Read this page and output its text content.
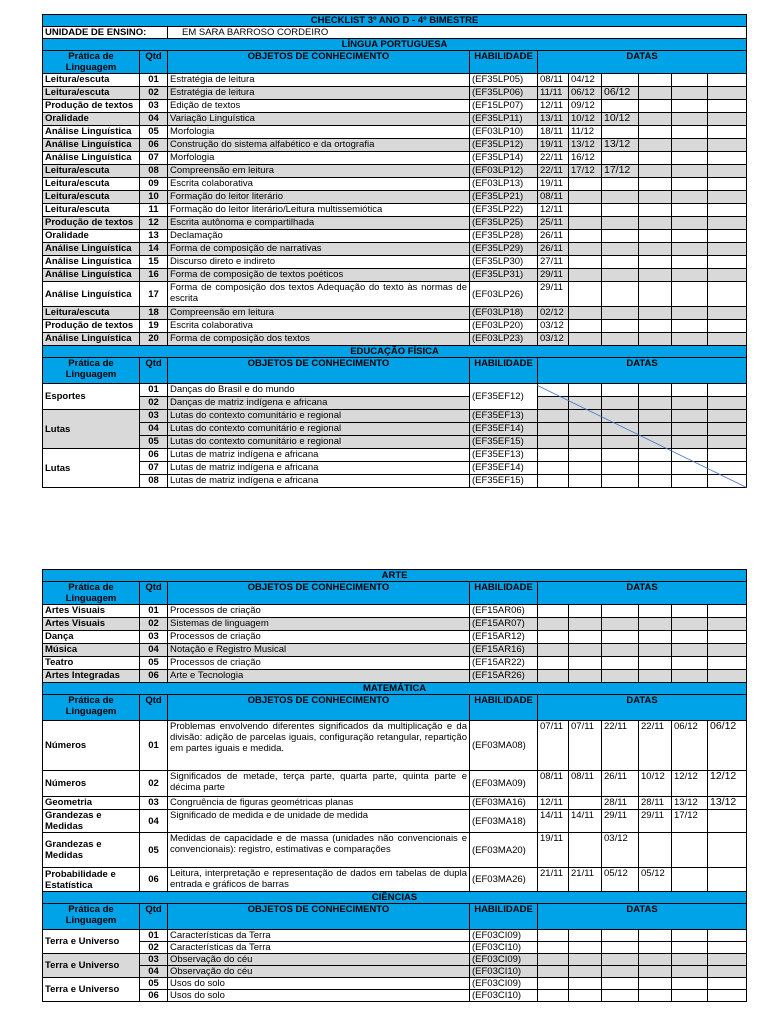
CHECKLIST 3º ANO D - 4º BIMESTRE									
UNIDADE DE ENSINO:		EM SARA BARROSO CORDEIRO							
LÍNGUA PORTUGUESA									
Prática de Linguagem	Qtd	OBJETOS DE CONHECIMENTO	HABILIDADE	DATAS					
Leitura/escuta	01	Estratégia de leitura	(EF35LP05)	08/11	04/12				
Leitura/escuta	02	Estratégia de leitura	(EF35LP06)	11/11	06/12	06/12			
Produção de textos	03	Edição de textos	(EF15LP07)	12/11	09/12				
Oralidade	04	Variação Linguística	(EF35LP11)	13/11	10/12	10/12			
Análise Linguística	05	Morfologia	(EF03LP10)	18/11	11/12				
Análise Linguística	06	Construção do sistema alfabético e da ortografia	(EF35LP12)	19/11	13/12	13/12			
Análise Linguística	07	Morfologia	(EF35LP14)	22/11	16/12				
Leitura/escuta	08	Compreensão em leitura	(EF03LP12)	22/11	17/12	17/12			
Leitura/escuta	09	Escrita colaborativa	(EF03LP13)	19/11					
Leitura/escuta	10	Formação do leitor literário	(EF35LP21)	08/11					
Leitura/escuta	11	Formação do leitor literário/Leitura multissemiótica	(EF35LP22)	12/11					
Produção de textos	12	Escrita autônoma e compartilhada	(EF35LP25)	25/11					
Oralidade	13	Declamação	(EF35LP28)	26/11					
Análise Linguística	14	Forma de composição de narrativas	(EF35LP29)	26/11					
Análise Linguística	15	Discurso direto e indireto	(EF35LP30)	27/11					
Análise Linguística	16	Forma de composição de textos poéticos	(EF35LP31)	29/11					
Análise Linguística	17	Forma de composição dos textos Adequação do texto às normas de escrita	(EF03LP26)	29/11					
Leitura/escuta	18	Compreensão em leitura	(EF03LP18)	02/12					
Produção de textos	19	Escrita colaborativa	(EF03LP20)	03/12					
Análise Linguística	20	Forma de composição dos textos	(EF03LP23)	03/12					
EDUCAÇÃO FÍSICA									
Prática de Linguagem	Qtd	OBJETOS DE CONHECIMENTO	HABILIDADE	DATAS					
Esportes	01	Danças do Brasil e do mundo	(EF35EF12)						
	02	Danças de matriz indígena e africana							
Lutas	03	Lutas do contexto comunitário e regional	(EF35EF13)						
	04	Lutas do contexto comunitário e regional	(EF35EF14)						
	05	Lutas do contexto comunitário e regional	(EF35EF15)						
Lutas	06	Lutas de matriz indígena e africana	(EF35EF13)						
	07	Lutas de matriz indígena e africana	(EF35EF14)						
	08	Lutas de matriz indígena e africana	(EF35EF15)						
ARTE									
Prática de Linguagem	Qtd	OBJETOS DE CONHECIMENTO	HABILIDADE	DATAS					
Artes Visuais	01	Processos de criação	(EF15AR06)						
Artes Visuais	02	Sistemas de linguagem	(EF15AR07)						
Dança	03	Processos de criação	(EF15AR12)						
Música	04	Notação e Registro Musical	(EF15AR16)						
Teatro	05	Processos de criação	(EF15AR22)						
Artes Integradas	06	Arte e Tecnologia	(EF15AR26)						
MATEMÁTICA									
Prática de Linguagem	Qtd	OBJETOS DE CONHECIMENTO	HABILIDADE	DATAS					
Números	01	Problemas envolvendo diferentes significados da multiplicação e da divisão: adição de parcelas iguais, configuração retangular, repartição em partes iguais e medida.	(EF03MA08)	07/11	07/11	22/11	22/11	06/12	06/12
Números	02	Significados de metade, terça parte, quarta parte, quinta parte e décima parte	(EF03MA09)	08/11	08/11	26/11	10/12	12/12	12/12
Geometria	03	Congruência de figuras geométricas planas	(EF03MA16)	12/11		28/11	28/11	13/12	13/12
Grandezas e Medidas	04	Significado de medida e de unidade de medida	(EF03MA18)	14/11	14/11	29/11	29/11	17/12	
Grandezas e Medidas	05	Medidas de capacidade e de massa (unidades não convencionais e convencionais): registro, estimativas e comparações	(EF03MA20)	19/11		03/12			
Probabilidade e Estatística	06	Leitura, interpretação e representação de dados em tabelas de dupla entrada e gráficos de barras	(EF03MA26)	21/11	21/11	05/12	05/12		
CIÊNCIAS									
Prática de Linguagem	Qtd	OBJETOS DE CONHECIMENTO	HABILIDADE	DATAS					
Terra e Universo	01	Características da Terra	(EF03CI09)						
	02	Características da Terra	(EF03CI10)						
Terra e Universo	03	Observação do céu	(EF03CI09)						
	04	Observação do céu	(EF03CI10)						
Terra e Universo	05	Usos do solo	(EF03CI09)						
	06	Usos do solo	(EF03CI10)						
